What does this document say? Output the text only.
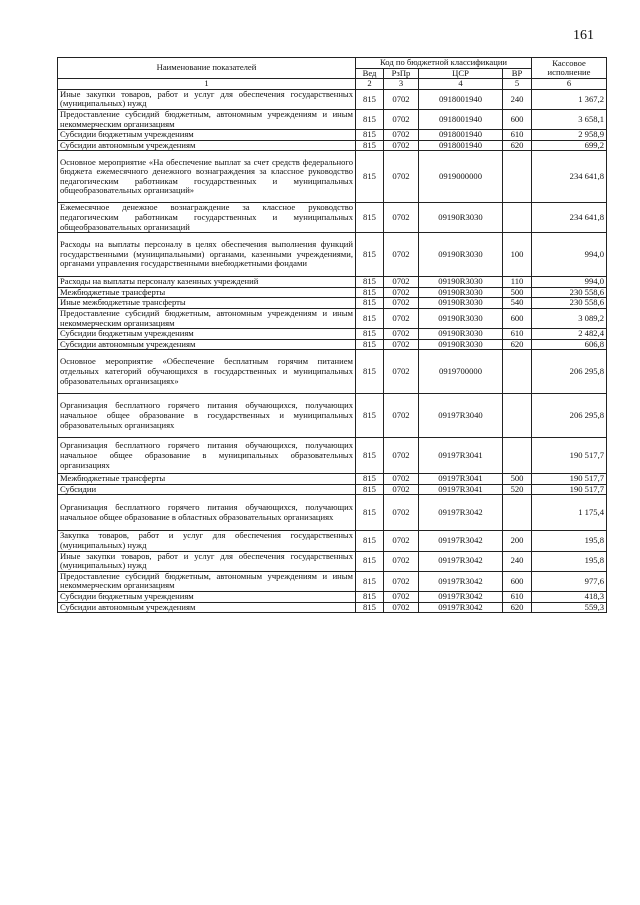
161
Наименование показателей	Код по бюджетной классификации				Кассовое исполнение
	Вед	РзПр	ЦСР	ВР	
1	2	3	4	5	6
Иные закупки товаров, работ и услуг для обеспечения государственных (муниципальных) нужд	815	0702	0918001940	240	1 367,2
Предоставление субсидий бюджетным, автономным учреждениям и иным некоммерческим организациям	815	0702	0918001940	600	3 658,1
Субсидии бюджетным учреждениям	815	0702	0918001940	610	2 958,9
Субсидии автономным учреждениям	815	0702	0918001940	620	699,2
Основное мероприятие «На обеспечение выплат за счет средств федерального бюджета ежемесячного денежного вознаграждения за классное руководство педагогическим работникам государственных и муниципальных общеобразовательных организаций»	815	0702	0919000000		234 641,8
Ежемесячное денежное вознаграждение за классное руководство педагогическим работникам государственных и муниципальных общеобразовательных организаций	815	0702	09190R3030		234 641,8
Расходы на выплаты персоналу в целях обеспечения выполнения функций государственными (муниципальными) органами, казенными учреждениями, органами управления государственными внебюджетными фондами	815	0702	09190R3030	100	994,0
Расходы на выплаты персоналу казенных учреждений	815	0702	09190R3030	110	994,0
Межбюджетные трансферты	815	0702	09190R3030	500	230 558,6
Иные межбюджетные трансферты	815	0702	09190R3030	540	230 558,6
Предоставление субсидий бюджетным, автономным учреждениям и иным некоммерческим организациям	815	0702	09190R3030	600	3 089,2
Субсидии бюджетным учреждениям	815	0702	09190R3030	610	2 482,4
Субсидии автономным учреждениям	815	0702	09190R3030	620	606,8
Основное мероприятие «Обеспечение бесплатным горячим питанием отдельных категорий обучающихся в государственных и муниципальных образовательных организациях»	815	0702	0919700000		206 295,8
Организация бесплатного горячего питания обучающихся, получающих начальное общее образование в государственных и муниципальных образовательных организациях	815	0702	09197R3040		206 295,8
Организация бесплатного горячего питания обучающихся, получающих начальное общее образование в муниципальных образовательных организациях	815	0702	09197R3041		190 517,7
Межбюджетные трансферты	815	0702	09197R3041	500	190 517,7
Субсидии	815	0702	09197R3041	520	190 517,7
Организация бесплатного горячего питания обучающихся, получающих начальное общее образование в областных образовательных организациях	815	0702	09197R3042		1 175,4
Закупка товаров, работ и услуг для обеспечения государственных (муниципальных) нужд	815	0702	09197R3042	200	195,8
Иные закупки товаров, работ и услуг для обеспечения государственных (муниципальных) нужд	815	0702	09197R3042	240	195,8
Предоставление субсидий бюджетным, автономным учреждениям и иным некоммерческим организациям	815	0702	09197R3042	600	977,6
Субсидии бюджетным учреждениям	815	0702	09197R3042	610	418,3
Субсидии автономным учреждениям	815	0702	09197R3042	620	559,3
